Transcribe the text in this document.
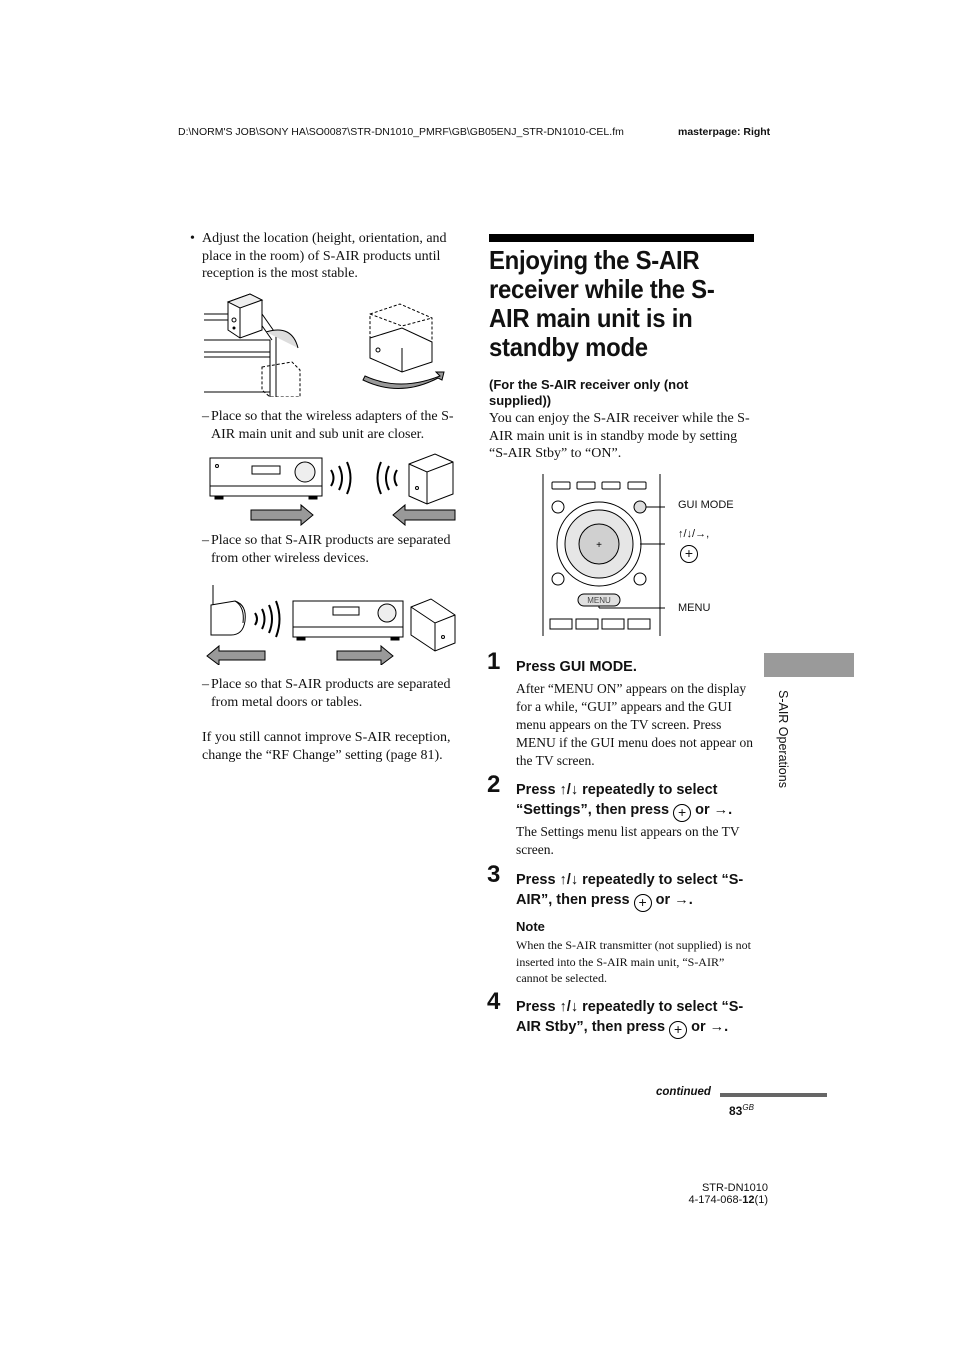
D:\NORM'S JOB\SONY HA\SO0087\STR-DN1010_PMRF\GB\GB05ENJ_STR-DN1010-CEL.fm	masterpage: Right
• Adjust the location (height, orientation, and place in the room) of S-AIR products until reception is the most stable.
– Place so that the wireless adapters of the S-AIR main unit and sub unit are closer.
– Place so that S-AIR products are separated from other wireless devices.
– Place so that S-AIR products are separated from metal doors or tables.
If you still cannot improve S-AIR reception, change the “RF Change” setting (page 81).
Enjoying the S-AIR receiver while the S-AIR main unit is in standby mode
(For the S-AIR receiver only (not supplied))
You can enjoy the S-AIR receiver while the S-AIR main unit is in standby mode by setting “S-AIR Stby” to “ON”.
+
MENU
GUI MODE
↑/↓/→,
+
MENU
1 Press GUI MODE.
After “MENU ON” appears on the display for a while, “GUI” appears and the GUI menu appears on the TV screen. Press MENU if the GUI menu does not appear on the TV screen.
2 Press ↑/↓ repeatedly to select “Settings”, then press + or →.
The Settings menu list appears on the TV screen.
3 Press ↑/↓ repeatedly to select “S-AIR”, then press + or →.
Note
When the S-AIR transmitter (not supplied) is not inserted into the S-AIR main unit, “S-AIR” cannot be selected.
4 Press ↑/↓ repeatedly to select “S-AIR Stby”, then press + or →.
S-AIR Operations
continued
$83^{GB}$
STR-DN1010
4-174-068-12(1)
